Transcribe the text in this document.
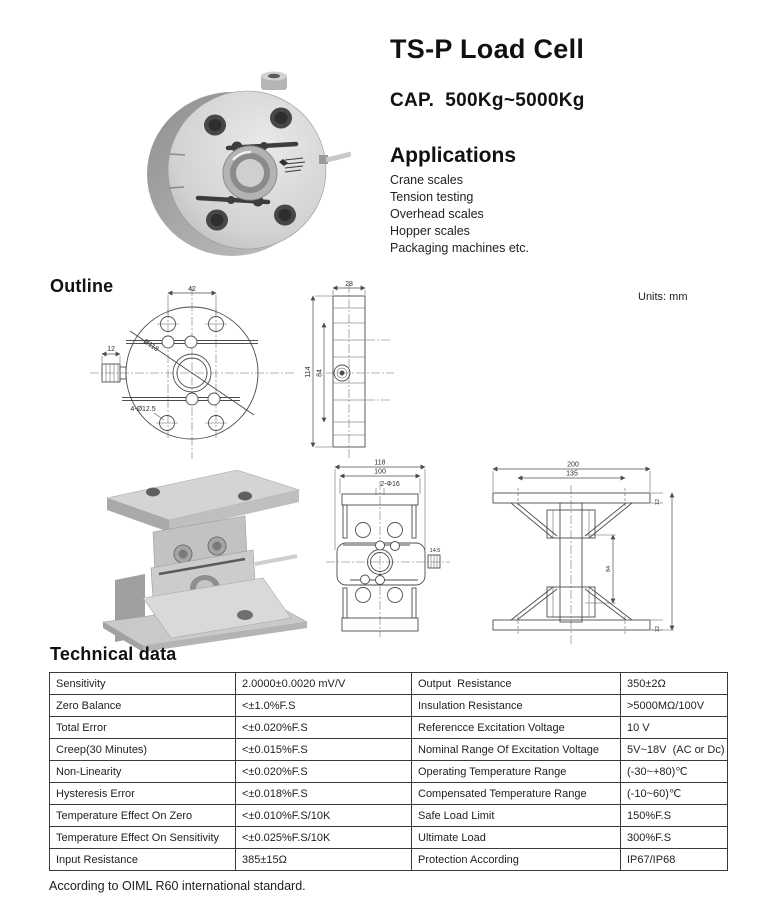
TS-P Load Cell
CAP.  500Kg~5000Kg
Applications
Crane scales
Tension testing
Overhead scales
Hopper scales
Packaging machines etc.
Outline
Units: mm
Ø118
42
12
4-Ø12.5
28
114 84
118
100
2-Φ16
14.5
200
135
12
84
12
Technical data
Sensitivity	2.0000±0.0020 mV/V	Output  Resistance	350±2Ω
Zero Balance	<±1.0%F.S	Insulation Resistance	>5000MΩ/100V
Total Error	<±0.020%F.S	Referencce Excitation Voltage	10 V
Creep(30 Minutes)	<±0.015%F.S	Nominal Range Of Excitation Voltage	5V~18V  (AC or Dc)
Non-Linearity	<±0.020%F.S	Operating Temperature Range	(-30~+80)℃
Hysteresis Error	<±0.018%F.S	Compensated Temperature Range	(-10~60)℃
Temperature Effect On Zero	<±0.010%F.S/10K	Safe Load Limit	150%F.S
Temperature Effect On Sensitivity	<±0.025%F.S/10K	Ultimate Load	300%F.S
Input Resistance	385±15Ω	Protection According	IP67/IP68
According to OIML R60 international standard.
